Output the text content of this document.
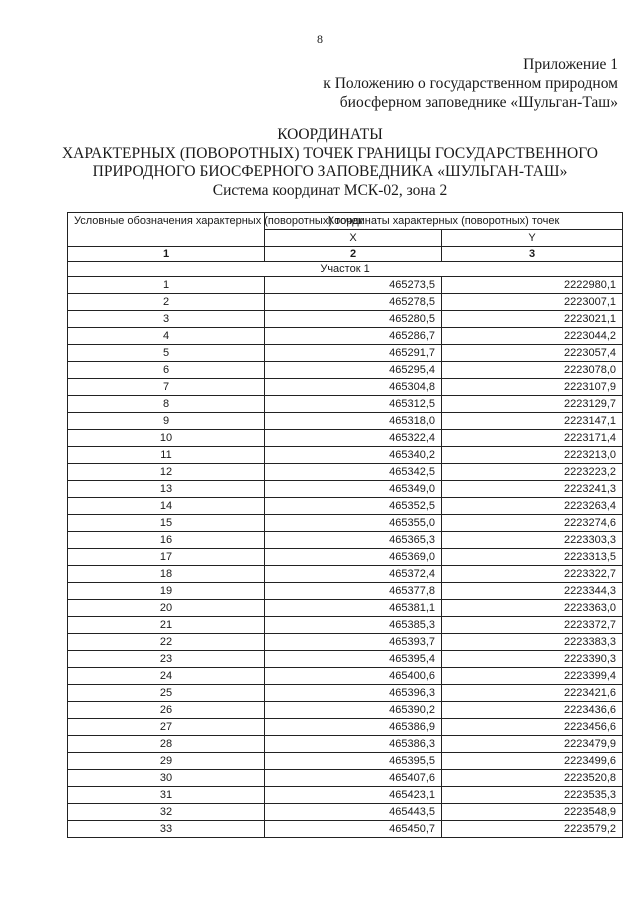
8
Приложение 1
к Положению о государственном природном
биосферном заповеднике «Шульган-Таш»
КООРДИНАТЫ
ХАРАКТЕРНЫХ (ПОВОРОТНЫХ) ТОЧЕК ГРАНИЦЫ ГОСУДАРСТВЕННОГО
ПРИРОДНОГО БИОСФЕРНОГО ЗАПОВЕДНИКА «ШУЛЬГАН-ТАШ»
Система координат МСК-02, зона 2
Условные обозначения характерных (поворотных) точек	Координаты характерных (поворотных) точек	
	X	Y
1	2	3
Участок 1		
1	465273,5	2222980,1
2	465278,5	2223007,1
3	465280,5	2223021,1
4	465286,7	2223044,2
5	465291,7	2223057,4
6	465295,4	2223078,0
7	465304,8	2223107,9
8	465312,5	2223129,7
9	465318,0	2223147,1
10	465322,4	2223171,4
11	465340,2	2223213,0
12	465342,5	2223223,2
13	465349,0	2223241,3
14	465352,5	2223263,4
15	465355,0	2223274,6
16	465365,3	2223303,3
17	465369,0	2223313,5
18	465372,4	2223322,7
19	465377,8	2223344,3
20	465381,1	2223363,0
21	465385,3	2223372,7
22	465393,7	2223383,3
23	465395,4	2223390,3
24	465400,6	2223399,4
25	465396,3	2223421,6
26	465390,2	2223436,6
27	465386,9	2223456,6
28	465386,3	2223479,9
29	465395,5	2223499,6
30	465407,6	2223520,8
31	465423,1	2223535,3
32	465443,5	2223548,9
33	465450,7	2223579,2
